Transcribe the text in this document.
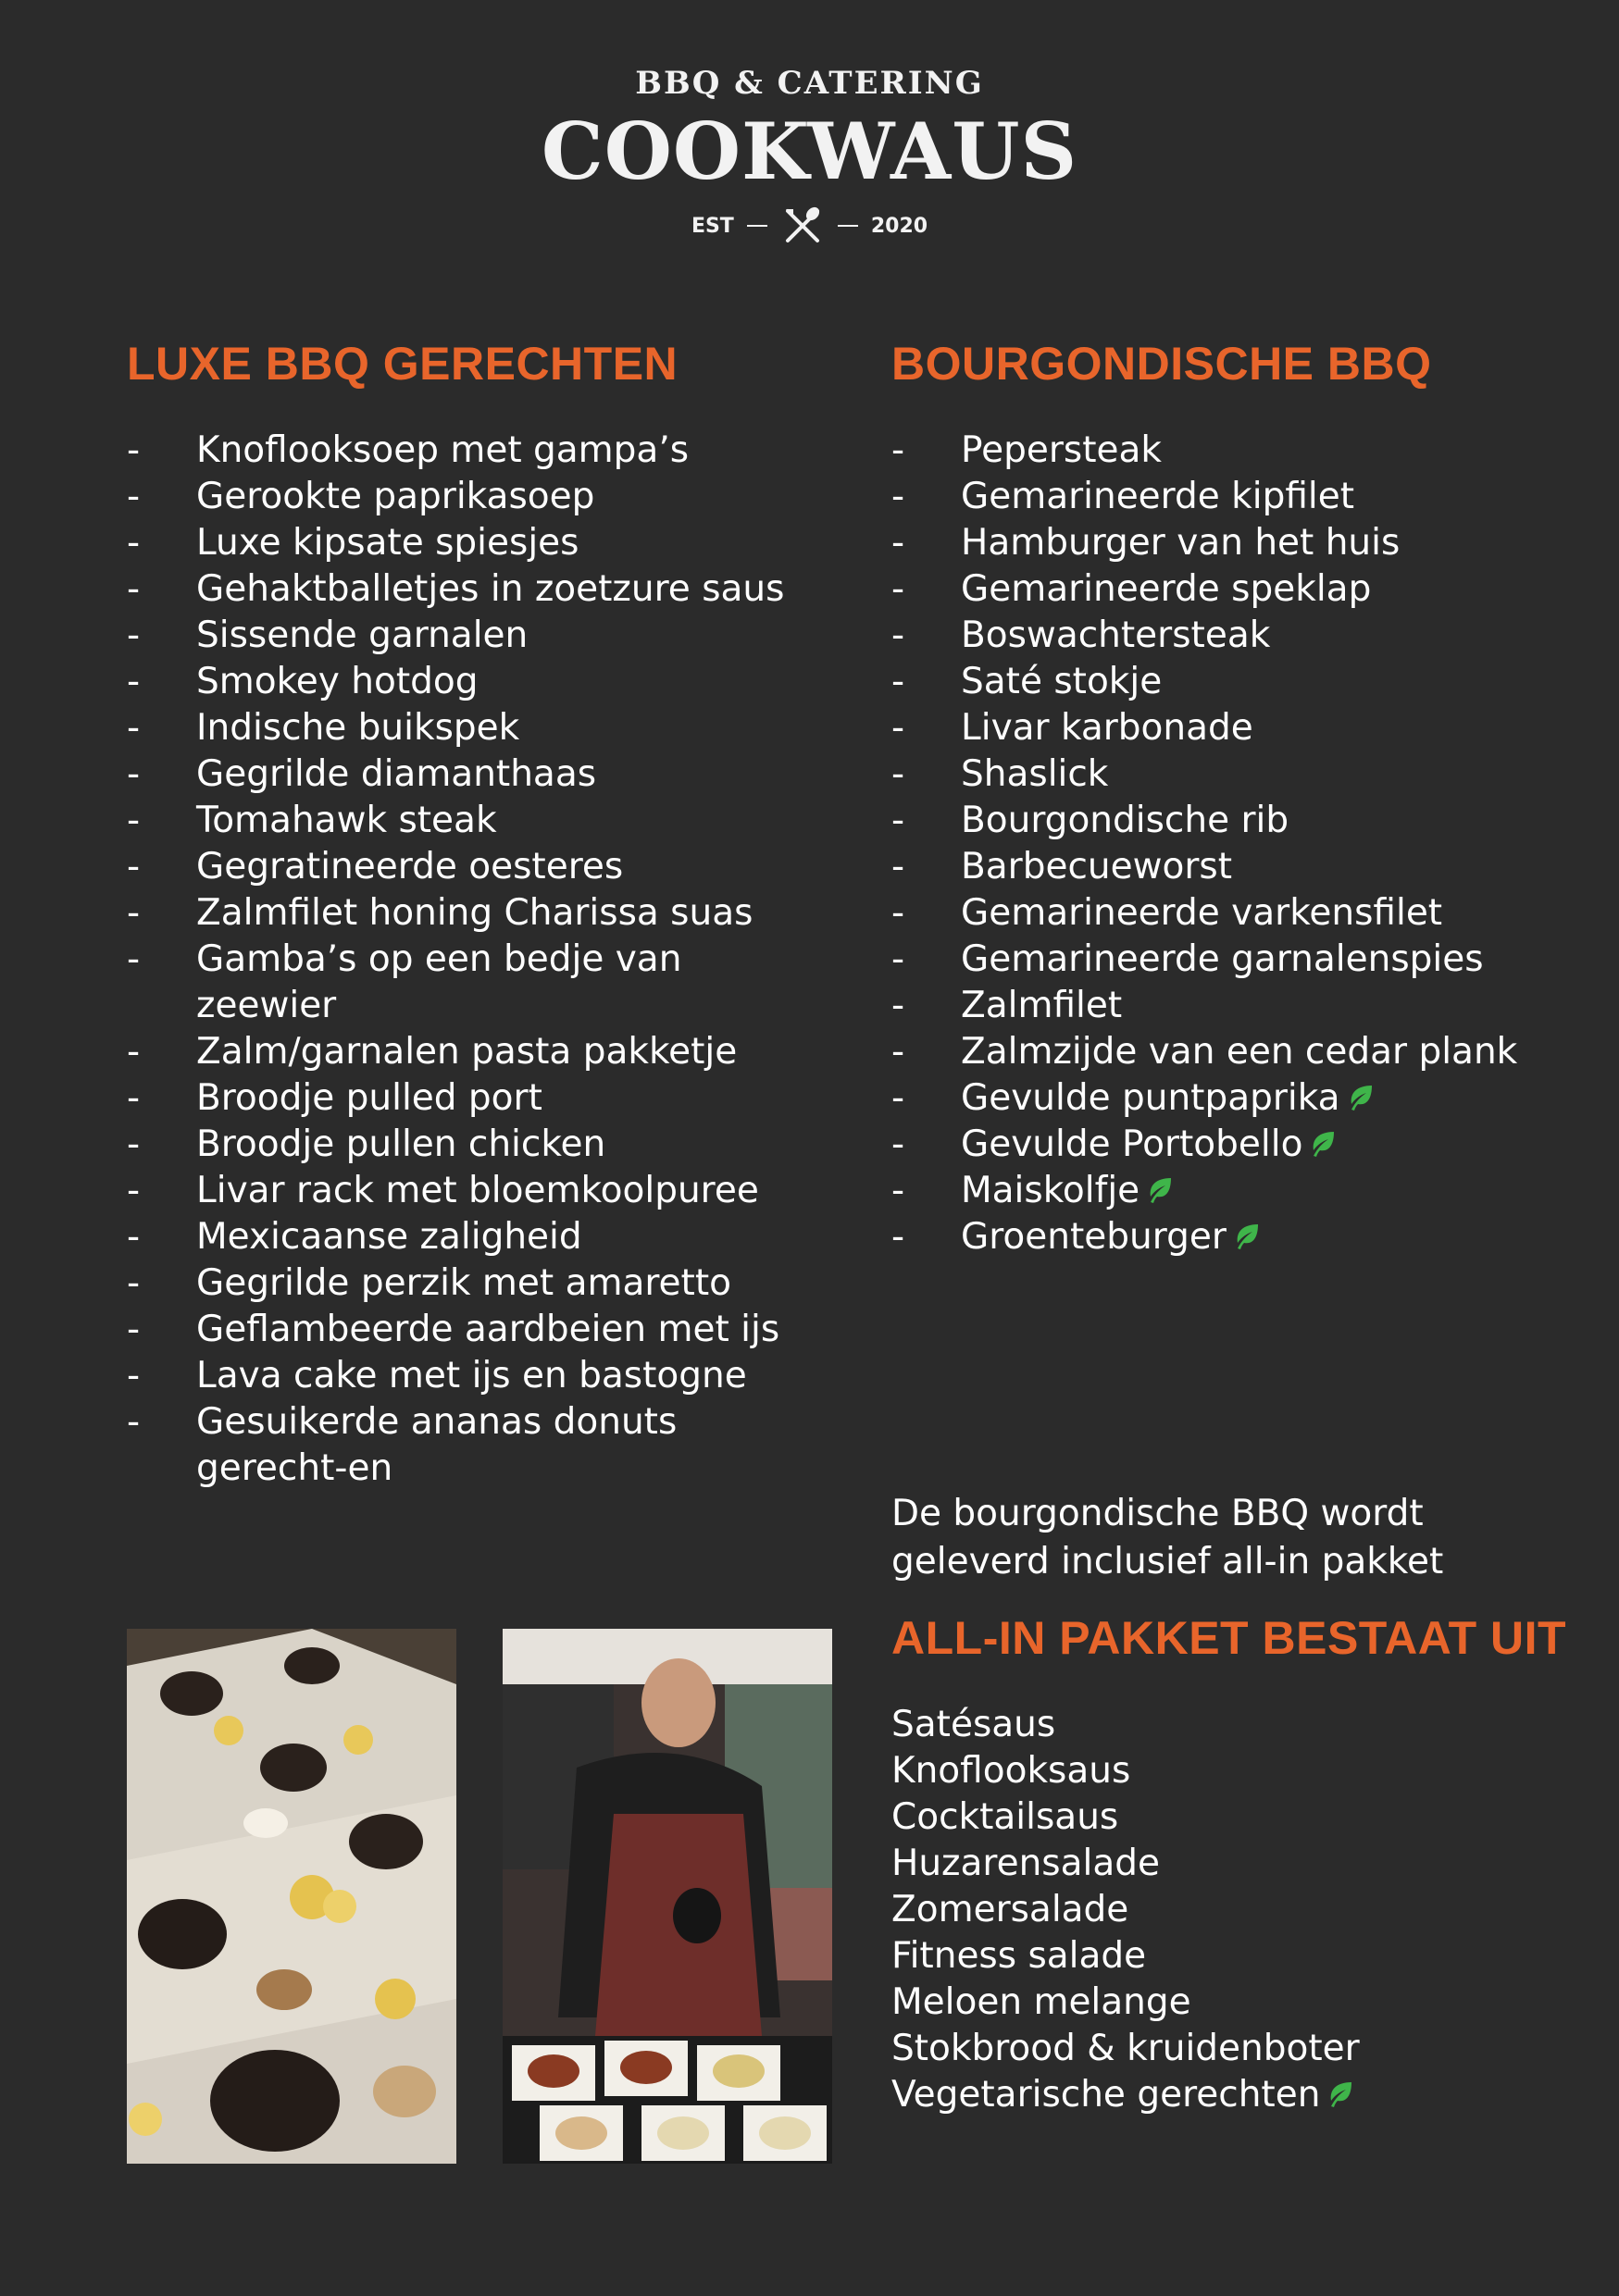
BBQ & CATERING
COOKWAUS
EST	2020
LUXE BBQ GERECHTEN
- Knoflooksoep met gampa’s
- Gerookte paprikasoep
- Luxe kipsate spiesjes
- Gehaktballetjes in zoetzure saus
- Sissende garnalen
- Smokey hotdog
- Indische buikspek
- Gegrilde diamanthaas
- Tomahawk steak
- Gegratineerde oesteres
- Zalmfilet honing Charissa suas
- Gamba’s op een bedje van zeewier
- Zalm/garnalen pasta pakketje
- Broodje pulled port
- Broodje pullen chicken
- Livar rack met bloemkoolpuree
- Mexicaanse zaligheid
- Gegrilde perzik met amaretto
- Geflambeerde aardbeien met ijs
- Lava cake met ijs en bastogne
- Gesuikerde ananas donuts gerecht-en
BOURGONDISCHE BBQ
- Pepersteak
- Gemarineerde kipfilet
- Hamburger van het huis
- Gemarineerde speklap
- Boswachtersteak
- Saté stokje
- Livar karbonade
- Shaslick
- Bourgondische rib
- Barbecueworst
- Gemarineerde varkensfilet
- Gemarineerde garnalenspies
- Zalmfilet
- Zalmzijde van een cedar plank
- Gevulde puntpaprika
- Gevulde Portobello
- Maiskolfje
- Groenteburger
De bourgondische BBQ wordt
geleverd inclusief all-in pakket
ALL-IN PAKKET BESTAAT UIT
Satésaus
Knoflooksaus
Cocktailsaus
Huzarensalade
Zomersalade
Fitness salade
Meloen melange
Stokbrood & kruidenboter
Vegetarische gerechten
